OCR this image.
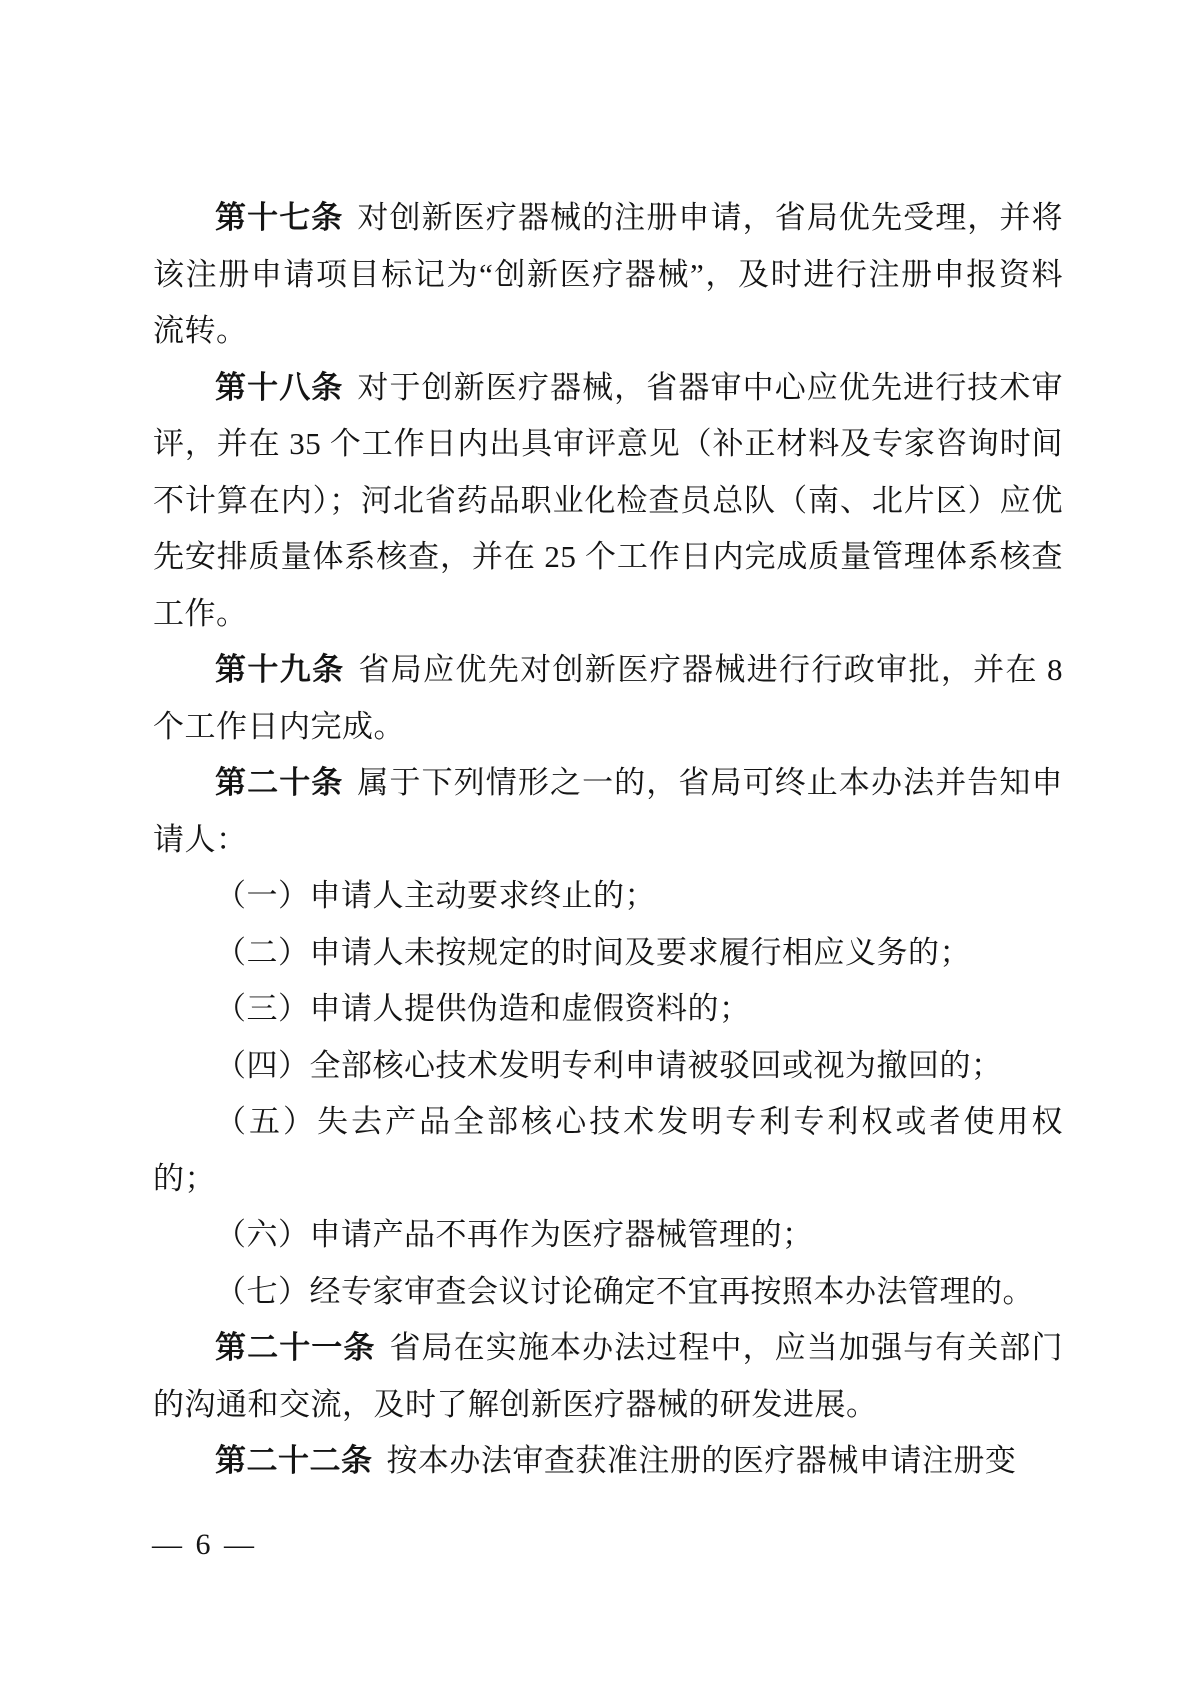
第十七条 对创新医疗器械的注册申请，省局优先受理，并将该注册申请项目标记为“创新医疗器械”，及时进行注册申报资料流转。

第十八条 对于创新医疗器械，省器审中心应优先进行技术审评，并在 35 个工作日内出具审评意见（补正材料及专家咨询时间不计算在内）；河北省药品职业化检查员总队（南、北片区）应优先安排质量体系核查，并在 25 个工作日内完成质量管理体系核查工作。

第十九条 省局应优先对创新医疗器械进行行政审批，并在 8 个工作日内完成。

第二十条 属于下列情形之一的，省局可终止本办法并告知申请人：

（一）申请人主动要求终止的；

（二）申请人未按规定的时间及要求履行相应义务的；

（三）申请人提供伪造和虚假资料的；

（四）全部核心技术发明专利申请被驳回或视为撤回的；

（五）失去产品全部核心技术发明专利专利权或者使用权的；

（六）申请产品不再作为医疗器械管理的；

（七）经专家审查会议讨论确定不宜再按照本办法管理的。

第二十一条 省局在实施本办法过程中，应当加强与有关部门的沟通和交流，及时了解创新医疗器械的研发进展。

第二十二条 按本办法审查获准注册的医疗器械申请注册变

— 6 —
